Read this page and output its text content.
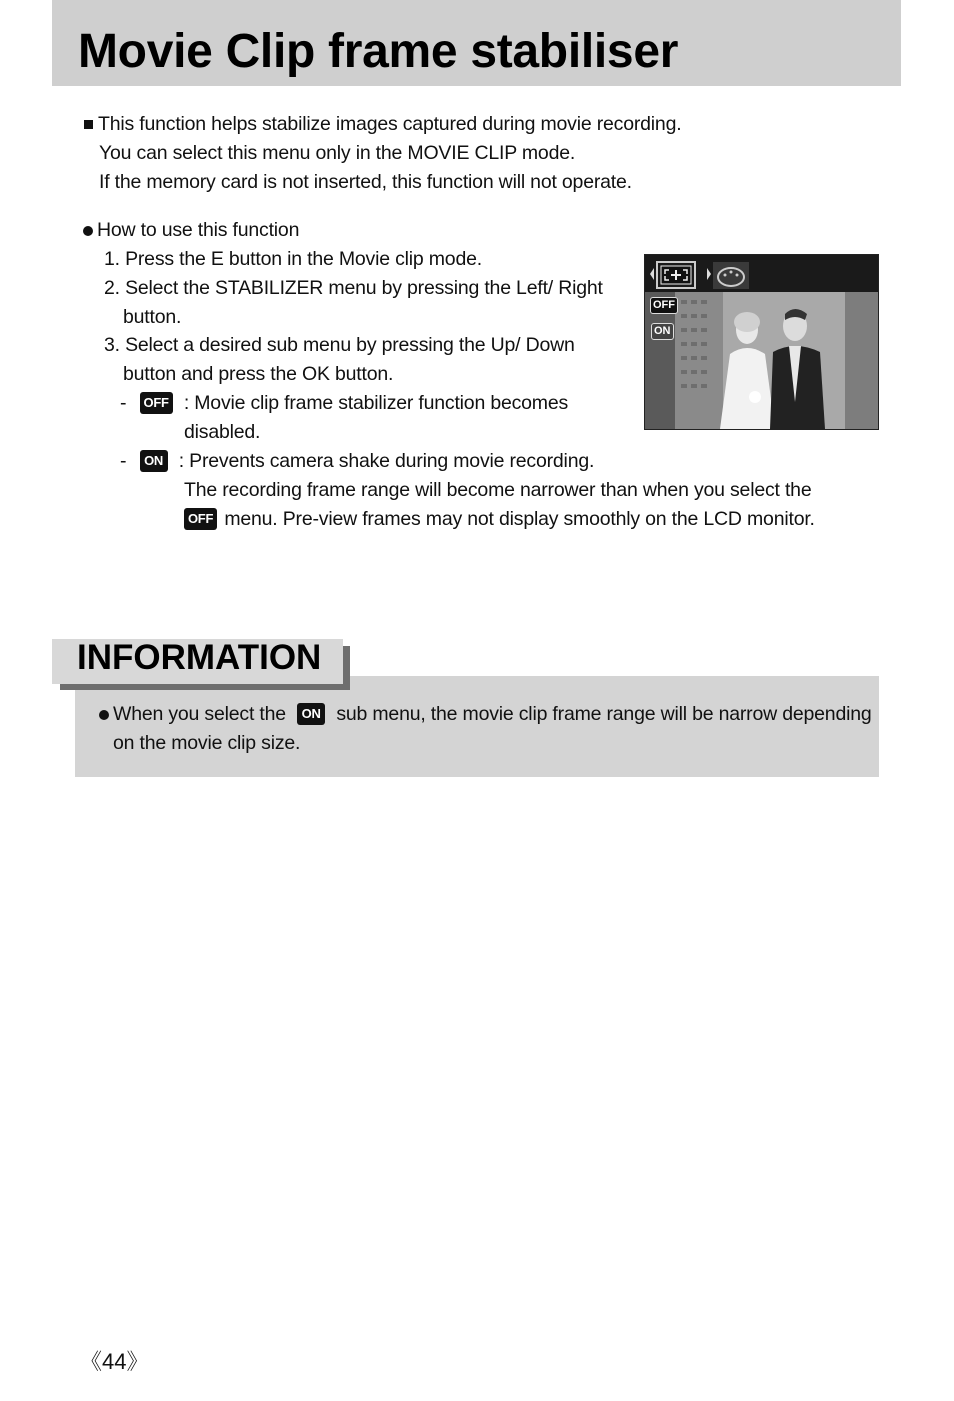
Movie Clip frame stabiliser
This function helps stabilize images captured during movie recording.
You can select this menu only in the MOVIE CLIP mode.
If the memory card is not inserted, this function will not operate.
How to use this function
1. Press the E button in the Movie clip mode.
2. Select the STABILIZER menu by pressing the Left/ Right
button.
3. Select a desired sub menu by pressing the Up/ Down
button and press the OK button.
- OFF : Movie clip frame stabilizer function becomes
disabled.
- ON : Prevents camera shake during movie recording.
The recording frame range will become narrower than when you select the
OFF menu. Pre-view frames may not display smoothly on the LCD monitor.
OFF
ON
INFORMATION
When you select the ON sub menu, the movie clip frame range will be narrow depending
on the movie clip size.
《44》
